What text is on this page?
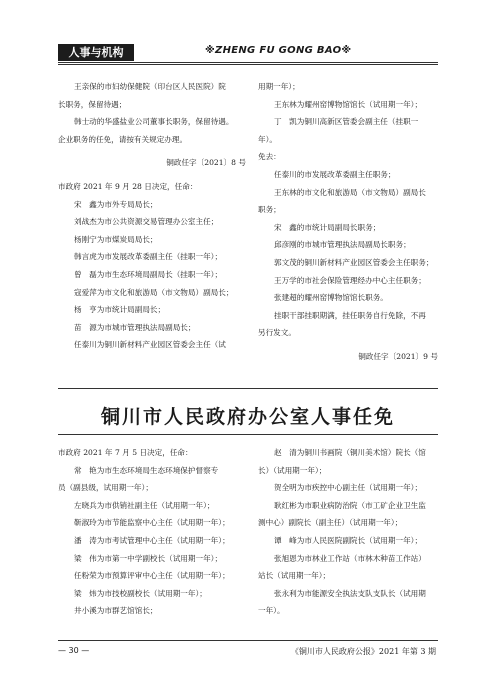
人事与机构	※ZHENG FU GONG BAO※

王亲保的市妇幼保健院（印台区人民医院）院

长职务，保留待遇；

韩士动的华盛盐业公司董事长职务，保留待遇。

企业职务的任免，请按有关规定办理。

铜政任字〔2021〕8 号

市政府 2021 年 9 月 28 日决定，任命：

宋　鑫为市外专局局长；

刘战杰为市公共资源交易管理办公室主任；

杨刚宁为市煤炭局局长；

韩言虎为市发展改革委副主任（挂职一年）；

曾　磊为市生态环境局副局长（挂职一年）；

寇爱萍为市文化和旅游局（市文物局）副局长；

杨　亨为市统计局副局长；

苗　源为市城市管理执法局副局长；

任泰川为铜川新材料产业园区管委会主任（试

用期一年）；

王东林为耀州窑博物馆馆长（试用期一年）；

丁　凯为铜川高新区管委会副主任（挂职一

年）。

免去：

任泰川的市发展改革委副主任职务；

王东林的市文化和旅游局（市文物局）副局长

职务；

宋　鑫的市统计局副局长职务；

邱彦刚的市城市管理执法局副局长职务；

郭文茂的铜川新材料产业园区管委会主任职务；

王万学的市社会保险管理经办中心主任职务；

张建超的耀州窑博物馆馆长职务。

挂职干部挂职期满，挂任职务自行免除，不再

另行发文。

铜政任字〔2021〕9 号

铜川市人民政府办公室人事任免

市政府 2021 年 7 月 5 日决定，任命：

常　艳为市生态环境局生态环境保护督察专

员（副县级，试用期一年）；

左晓兵为市供销社副主任（试用期一年）；

靳淑玲为市节能监察中心主任（试用期一年）；

潘　涛为市考试管理中心主任（试用期一年）；

梁　伟为市第一中学副校长（试用期一年）；

任粉荣为市预算评审中心主任（试用期一年）；

梁　炜为市技校副校长（试用期一年）；

井小溪为市群艺馆馆长；

赵　清为铜川书画院（铜川美术馆）院长（馆

长）（试用期一年）；

贺全明为市疾控中心副主任（试用期一年）；

耿红彬为市职业病防治院（市工矿企业卫生监

测中心）副院长（副主任）（试用期一年）；

谭　峰为市人民医院副院长（试用期一年）；

张旭恩为市林业工作站（市林木种苗工作站）

站长（试用期一年）；

张永利为市能源安全执法支队支队长（试用期

一年）。

— 30 —	《铜川市人民政府公报》2021 年第 3 期
